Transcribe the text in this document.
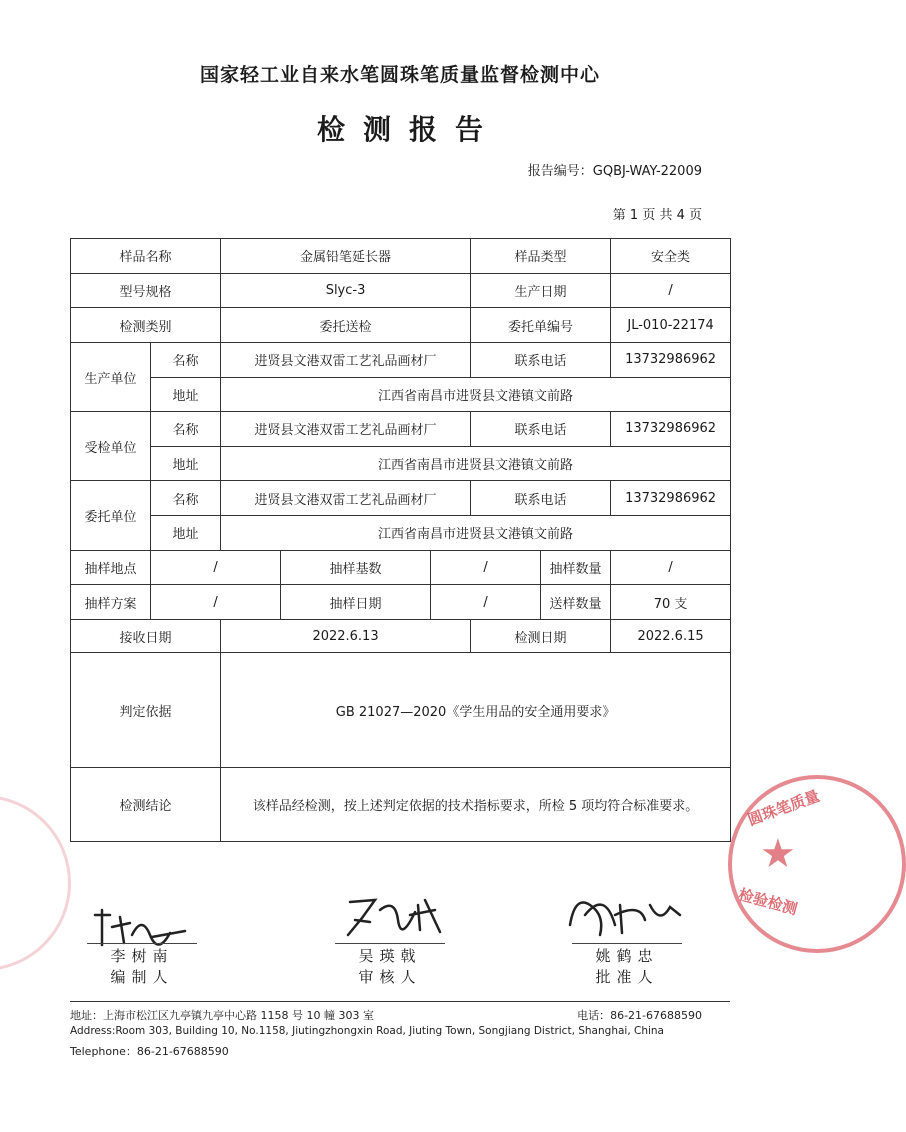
国家轻工业自来水笔圆珠笔质量监督检测中心
检测报告
报告编号：GQBJ-WAY-22009
第 1 页 共 4 页
样品名称		金属铅笔延长器			样品类型		安全类
型号规格		Slyc-3			生产日期		/
检测类别		委托送检			委托单编号		JL-010-22174
生产单位	名称	进贤县文港双雷工艺礼品画材厂			联系电话		13732986962
	地址	江西省南昌市进贤县文港镇文前路					
受检单位	名称	进贤县文港双雷工艺礼品画材厂			联系电话		13732986962
	地址	江西省南昌市进贤县文港镇文前路					
委托单位	名称	进贤县文港双雷工艺礼品画材厂			联系电话		13732986962
	地址	江西省南昌市进贤县文港镇文前路					
抽样地点	/		抽样基数	/		抽样数量	/
抽样方案	/		抽样日期	/		送样数量	70 支
接收日期		2022.6.13			检测日期		2022.6.15
判定依据		GB 21027—2020《学生用品的安全通用要求》					
检测结论		该样品经检测，按上述判定依据的技术指标要求，所检 5 项均符合标准要求。					
李树南
编制人
吴瑛戟
审核人
姚鹤忠
批准人
圆珠笔质量
★
检验检测
地址：上海市松江区九亭镇九亭中心路 1158 号 10 幢 303 室	电话：86-21-67688590
Address:Room 303, Building 10, No.1158, Jiutingzhongxin Road, Jiuting Town, Songjiang District, Shanghai, China
Telephone：86-21-67688590
